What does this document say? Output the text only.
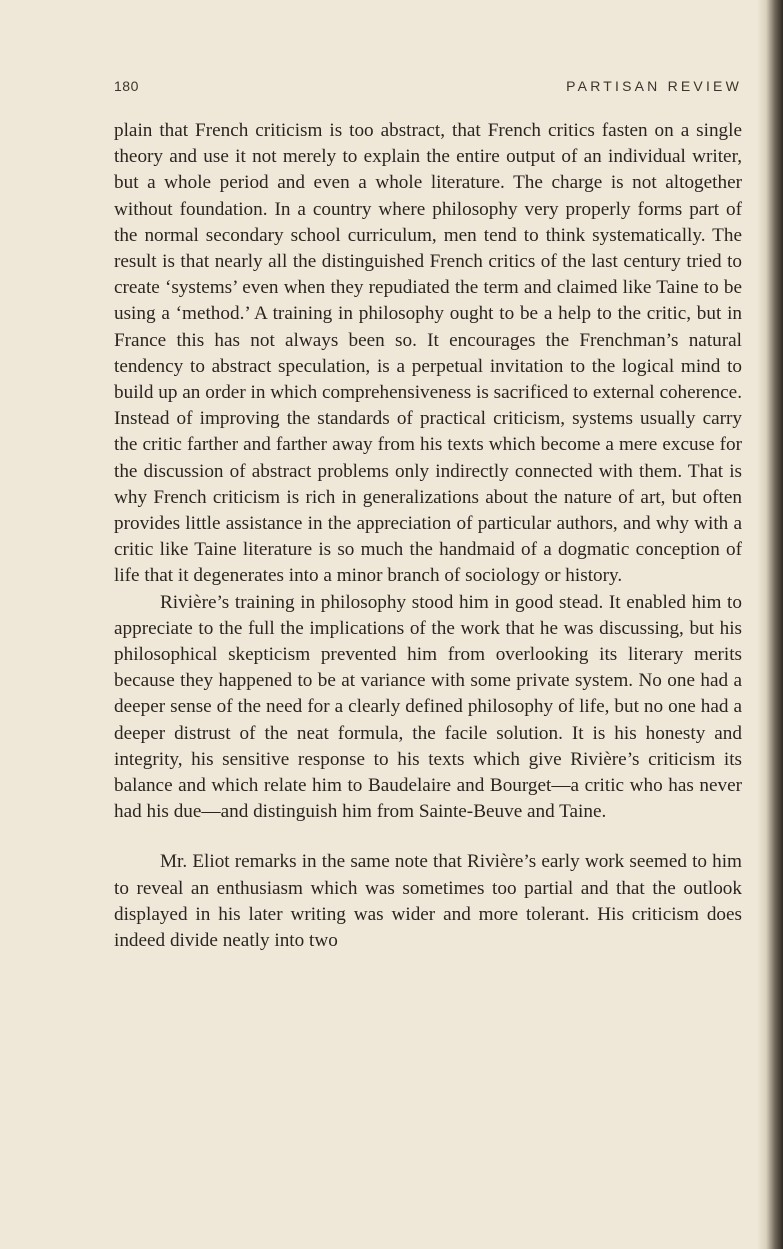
180	PARTISAN REVIEW

plain that French criticism is too abstract, that French critics fasten on a single theory and use it not merely to explain the entire output of an individual writer, but a whole period and even a whole literature. The charge is not altogether without foundation. In a country where philosophy very properly forms part of the normal secondary school curriculum, men tend to think systematically. The result is that nearly all the distinguished French critics of the last century tried to create ‘systems’ even when they repudiated the term and claimed like Taine to be using a ‘method.’ A training in philosophy ought to be a help to the critic, but in France this has not always been so. It encourages the Frenchman’s natural tendency to abstract speculation, is a perpetual invitation to the logical mind to build up an order in which comprehensiveness is sacrificed to external coherence. Instead of improving the standards of practical criticism, systems usually carry the critic farther and farther away from his texts which become a mere excuse for the discussion of abstract problems only indirectly connected with them. That is why French criticism is rich in generalizations about the nature of art, but often provides little assistance in the appreciation of particular authors, and why with a critic like Taine literature is so much the handmaid of a dogmatic conception of life that it degenerates into a minor branch of sociology or history.

Rivière’s training in philosophy stood him in good stead. It enabled him to appreciate to the full the implications of the work that he was discussing, but his philosophical skepticism prevented him from overlooking its literary merits because they happened to be at variance with some private system. No one had a deeper sense of the need for a clearly defined philosophy of life, but no one had a deeper distrust of the neat formula, the facile solution. It is his honesty and integrity, his sensitive response to his texts which give Rivière’s criticism its balance and which relate him to Baudelaire and Bourget—a critic who has never had his due—and distinguish him from Sainte-Beuve and Taine.

Mr. Eliot remarks in the same note that Rivière’s early work seemed to him to reveal an enthusiasm which was sometimes too partial and that the outlook displayed in his later writing was wider and more tolerant. His criticism does indeed divide neatly into two
